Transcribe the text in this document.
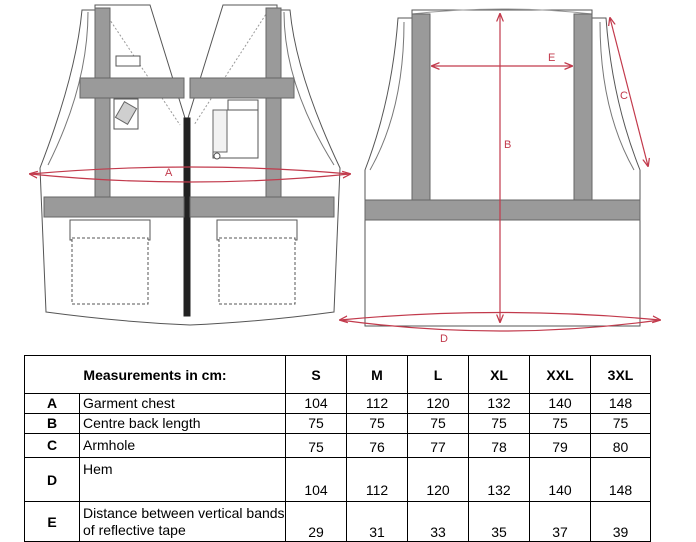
A
E
B
C
D
Measurements in cm:		S	M	L	XL	XXL	3XL
A	Garment chest	104	112	120	132	140	148
B	Centre back length	75	75	75	75	75	75
C	Armhole	75	76	77	78	79	80
D	Hem	104	112	120	132	140	148
E	Distance between vertical bands
of reflective tape	29	31	33	35	37	39
